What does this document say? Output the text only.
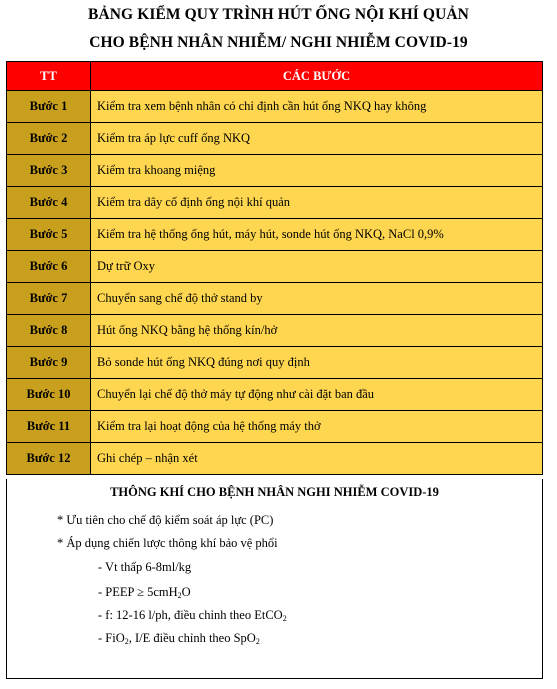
BẢNG KIỂM QUY TRÌNH HÚT ỐNG NỘI KHÍ QUẢN
CHO BỆNH NHÂN NHIỄM/ NGHI NHIỄM COVID-19
TT	CÁC BƯỚC
Bước 1	Kiểm tra xem bệnh nhân có chỉ định cần hút ống NKQ hay không
Bước 2	Kiểm tra áp lực cuff ống NKQ
Bước 3	Kiểm tra khoang miệng
Bước 4	Kiểm tra dây cố định ống nội khí quản
Bước 5	Kiểm tra hệ thống ống hút, máy hút, sonde hút ống NKQ, NaCl 0,9%
Bước 6	Dự trữ Oxy
Bước 7	Chuyển sang chế độ thở stand by
Bước 8	Hút ống NKQ bằng hệ thống kín/hở
Bước 9	Bỏ sonde hút ống NKQ đúng nơi quy định
Bước 10	Chuyển lại chế độ thở máy tự động như cài đặt ban đầu
Bước 11	Kiểm tra lại hoạt động của hệ thống máy thở
Bước 12	Ghi chép – nhận xét
THÔNG KHÍ CHO BỆNH NHÂN NGHI NHIỄM COVID-19
* Ưu tiên cho chế độ kiểm soát áp lực (PC)
* Áp dụng chiến lược thông khí bảo vệ phổi
- Vt thấp 6-8ml/kg
- PEEP ≥ 5cmH$_2$O
- f: 12-16 l/ph, điều chỉnh theo EtCO$_2$
- FiO$_2$, I/E điều chỉnh theo SpO$_2$
